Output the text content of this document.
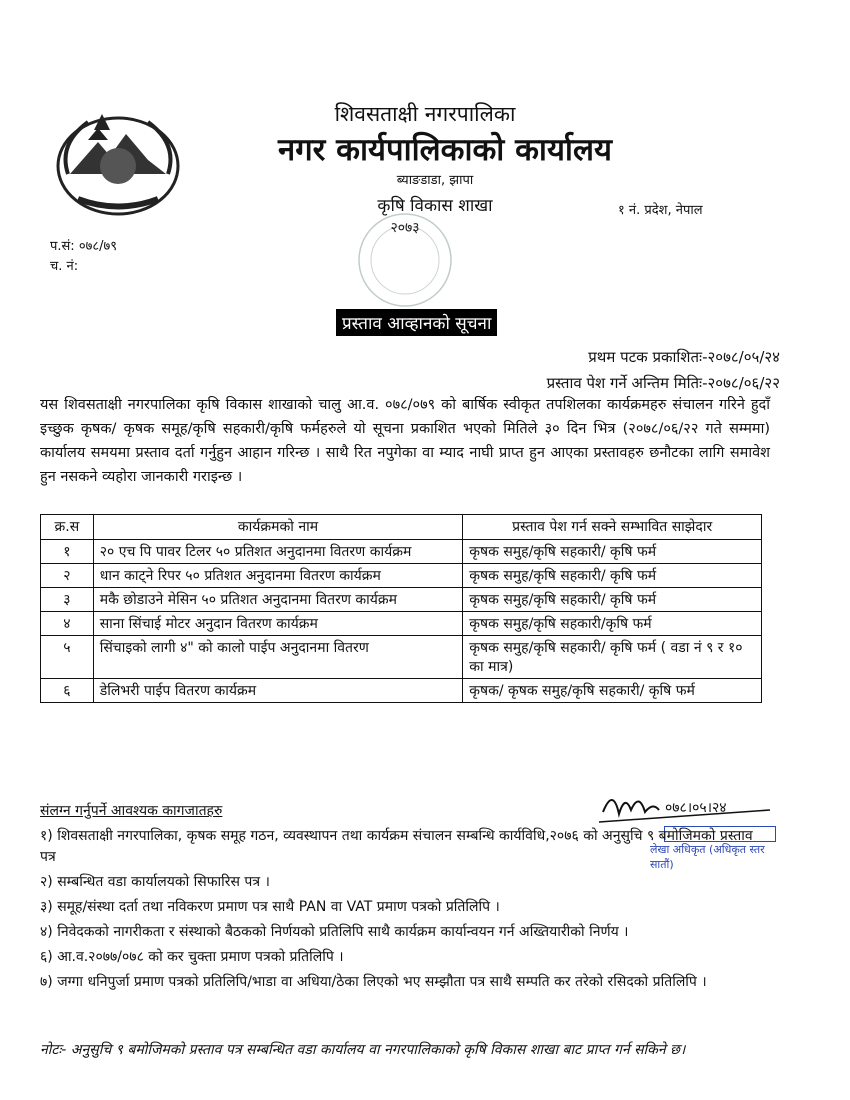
शिवसताक्षी नगरपालिका
नगर कार्यपालिकाको कार्यालय
ब्याङडाडा, झापा
कृषि विकास शाखा	१ नं. प्रदेश, नेपाल
प.सं: ०७८/७९
च. नं:
२०७३
प्रस्ताव आव्हानको सूचना
प्रथम पटक प्रकाशितः-२०७८/०५/२४
प्रस्ताव पेश गर्ने अन्तिम मितिः-२०७८/०६/२२
यस शिवसताक्षी नगरपालिका कृषि विकास शाखाको चालु आ.व. ०७८/०७९ को बार्षिक स्वीकृत तपशिलका कार्यक्रमहरु संचालन गरिने हुदाँ इच्छुक कृषक/ कृषक समूह/कृषि सहकारी/कृषि फर्महरुले यो सूचना प्रकाशित भएको मितिले ३० दिन भित्र (२०७८/०६/२२ गते सम्ममा) कार्यालय समयमा प्रस्ताव दर्ता गर्नुहुन आहान गरिन्छ । साथै रित नपुगेका वा म्याद नाघी प्राप्त हुन आएका प्रस्तावहरु छनौटका लागि समावेश हुन नसकने व्यहोरा जानकारी गराइन्छ ।
क्र.स	कार्यक्रमको नाम	प्रस्ताव पेश गर्न सक्ने सम्भावित साझेदार
१	२० एच पि पावर टिलर ५० प्रतिशत अनुदानमा वितरण कार्यक्रम	कृषक समुह/कृषि सहकारी/ कृषि फर्म
२	धान काट्ने रिपर ५० प्रतिशत अनुदानमा वितरण कार्यक्रम	कृषक समुह/कृषि सहकारी/ कृषि फर्म
३	मकै छोडाउने मेसिन ५० प्रतिशत अनुदानमा वितरण कार्यक्रम	कृषक समुह/कृषि सहकारी/ कृषि फर्म
४	साना सिंचाई मोटर अनुदान वितरण कार्यक्रम	कृषक समुह/कृषि सहकारी/कृषि फर्म
५	सिंचाइको लागी ४" को कालो पाईप अनुदानमा वितरण	कृषक समुह/कृषि सहकारी/ कृषि फर्म ( वडा नं ९ र १० का मात्र)
६	डेलिभरी पाईप वितरण कार्यक्रम	कृषक/ कृषक समुह/कृषि सहकारी/ कृषि फर्म
०७८।०५।२४
लेखा अधिकृत (अधिकृत स्तर सातौं)
संलग्न गर्नुपर्ने आवश्यक कागजातहरु
१) शिवसताक्षी नगरपालिका, कृषक समूह गठन, व्यवस्थापन तथा कार्यक्रम संचालन सम्बन्धि कार्यविधि,२०७६ को अनुसुचि ९ बमोजिमको प्रस्ताव पत्र
२) सम्बन्धित वडा कार्यालयको सिफारिस पत्र ।
३) समूह/संस्था दर्ता तथा नविकरण प्रमाण पत्र साथै PAN वा VAT प्रमाण पत्रको प्रतिलिपि ।
४) निवेदकको नागरीकता र संस्थाको बैठकको निर्णयको प्रतिलिपि साथै कार्यक्रम कार्यान्वयन गर्न अख्तियारीको निर्णय ।
६) आ.व.२०७७/०७८ को कर चुक्ता प्रमाण पत्रको प्रतिलिपि ।
७) जग्गा धनिपुर्जा प्रमाण पत्रको प्रतिलिपि/भाडा वा अधिया/ठेका लिएको भए सम्झौता पत्र साथै सम्पति कर तरेको रसिदको प्रतिलिपि ।
नोटः- अनुसुचि ९ बमोजिमको प्रस्ताव पत्र सम्बन्धित वडा कार्यालय वा नगरपालिकाको कृषि विकास शाखा बाट प्राप्त गर्न सकिने छ।
